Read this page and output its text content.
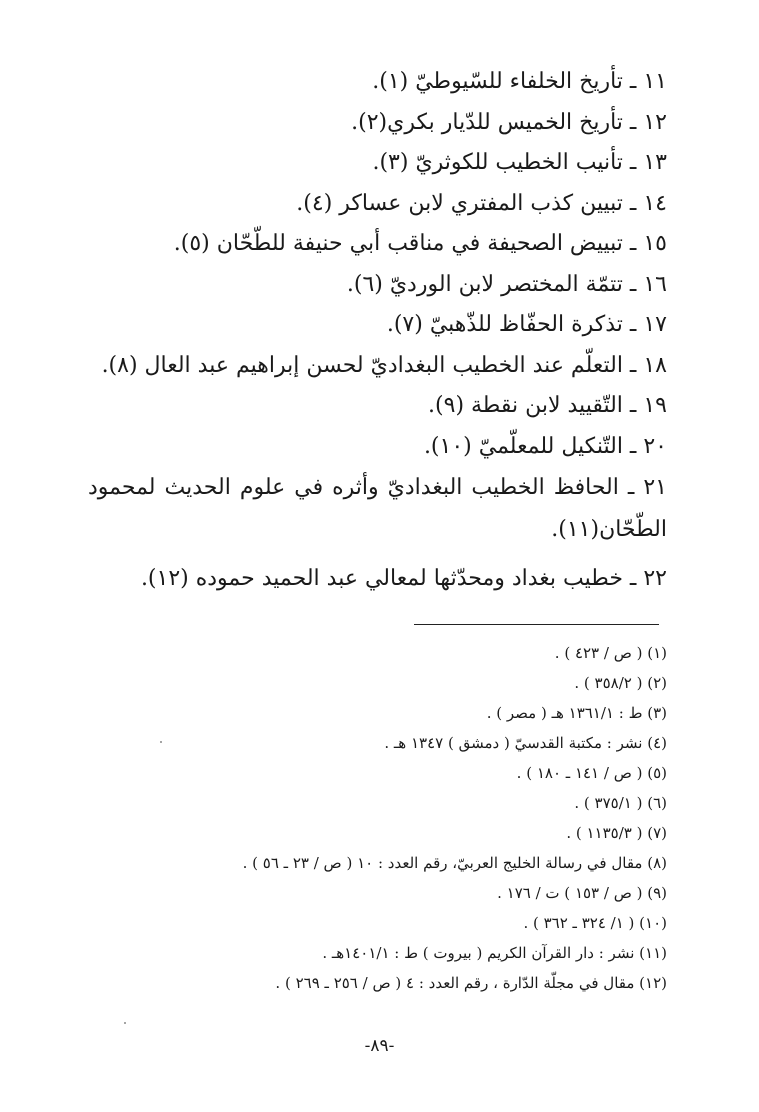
١١ ـ تأريخ الخلفاء للسّيوطيّ (١).
١٢ ـ تأريخ الخميس للدّيار بكري(٢).
١٣ ـ تأنيب الخطيب للكوثريّ (٣).
١٤ ـ تبيين كذب المفتري لابن عساكر (٤).
١٥ ـ تبييض الصحيفة في مناقب أبي حنيفة للطّحّان (٥).
١٦ ـ تتمّة المختصر لابن الورديّ (٦).
١٧ ـ تذكرة الحفّاظ للذّهبيّ (٧).
١٨ ـ التعلّم عند الخطيب البغداديّ لحسن إبراهيم عبد العال (٨).
١٩ ـ التّقييد لابن نقطة (٩).
٢٠ ـ التّنكيل للمعلّميّ (١٠).
٢١ ـ الحافظ الخطيب البغداديّ وأثره في علوم الحديث لمحمود الطّحّان(١١).
٢٢ ـ خطيب بغداد ومحدّثها لمعالي عبد الحميد حموده (١٢).
(١) ( ص / ٤٢٣ ) .
(٢) ( ٣٥٨/٢ ) .
(٣) ط : ١٣٦١/١ هـ ( مصر ) .
(٤) نشر : مكتبة القدسيّ ( دمشق ) ١٣٤٧ هـ .
(٥) ( ص / ١٤١ ـ ١٨٠ ) .
(٦) ( ٣٧٥/١ ) .
(٧) ( ١١٣٥/٣ ) .
(٨) مقال في رسالة الخليج العربيّ، رقم العدد : ١٠ ( ص / ٢٣ ـ ٥٦ ) .
(٩) ( ص / ١٥٣ ) ت / ١٧٦ .
(١٠) ( ١/ ٣٢٤ ـ ٣٦٢ ) .
(١١) نشر : دار القرآن الكريم ( بيروت ) ط : ١٤٠١/١هـ .
(١٢) مقال في مجلّة الدّارة ، رقم العدد : ٤ ( ص / ٢٥٦ ـ ٢٦٩ ) .
-٨٩-
